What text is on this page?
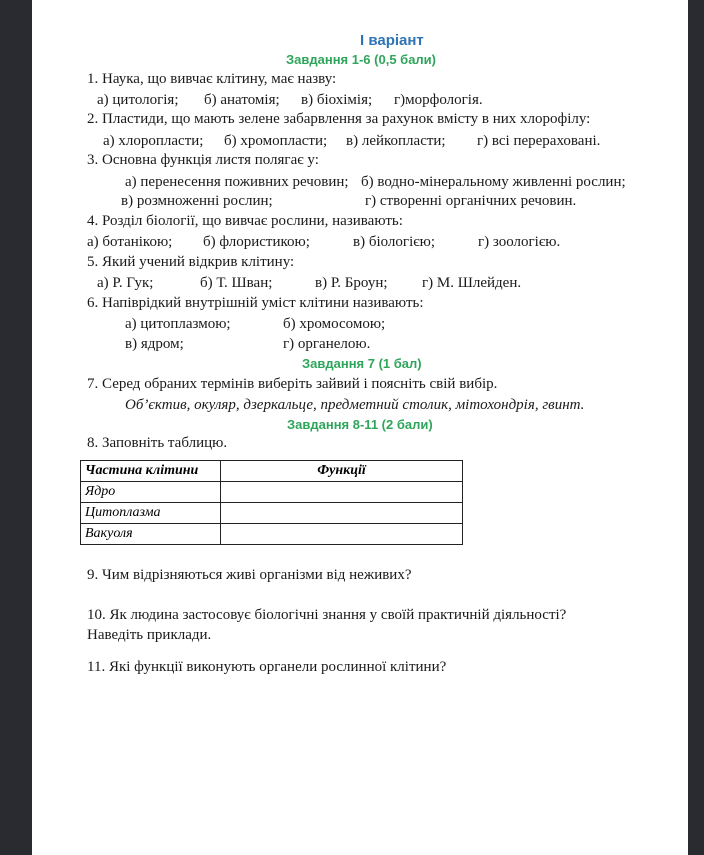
I варіант
Завдання 1-6 (0,5 бали)
1. Наука, що вивчає клітину, має назву:
а) цитологія; б) анатомія; в) біохімія; г)морфологія.
2. Пластиди, що мають зелене забарвлення за рахунок вмісту в них хлорофілу:
а) хлоропласти; б) хромопласти; в) лейкопласти; г) всі перераховані.
3. Основна функція листя полягає у:
а) перенесення поживних речовин; б) водно-мінеральному живленні рослин;
в) розмноженні рослин;	г) створенні органічних речовин.
4. Розділ біології, що вивчає рослини, називають:
а) ботанікою; б) флористикою;	в) біологією;	г) зоологією.
5. Який учений відкрив клітину:
а) Р. Гук;	б) Т. Шван;	в) Р. Броун; г) М. Шлейден.
6. Напіврідкий внутрішній уміст клітини називають:
а) цитоплазмою;	б) хромосомою;
в) ядром;	г) органелою.
Завдання 7 (1 бал)
7. Серед обраних термінів виберіть зайвий і поясніть свій вибір.
Об’єктив, окуляр, дзеркальце, предметний столик, мітохондрія, гвинт.
Завдання 8-11 (2 бали)
8. Заповніть таблицю.
Частина клітини	Функції
Ядро	
Цитоплазма	
Вакуоля	
9. Чим відрізняються живі організми від неживих?
10. Як людина застосовує біологічні знання у своїй практичній діяльності?
Наведіть приклади.
11. Які функції виконують органели рослинної клітини?
